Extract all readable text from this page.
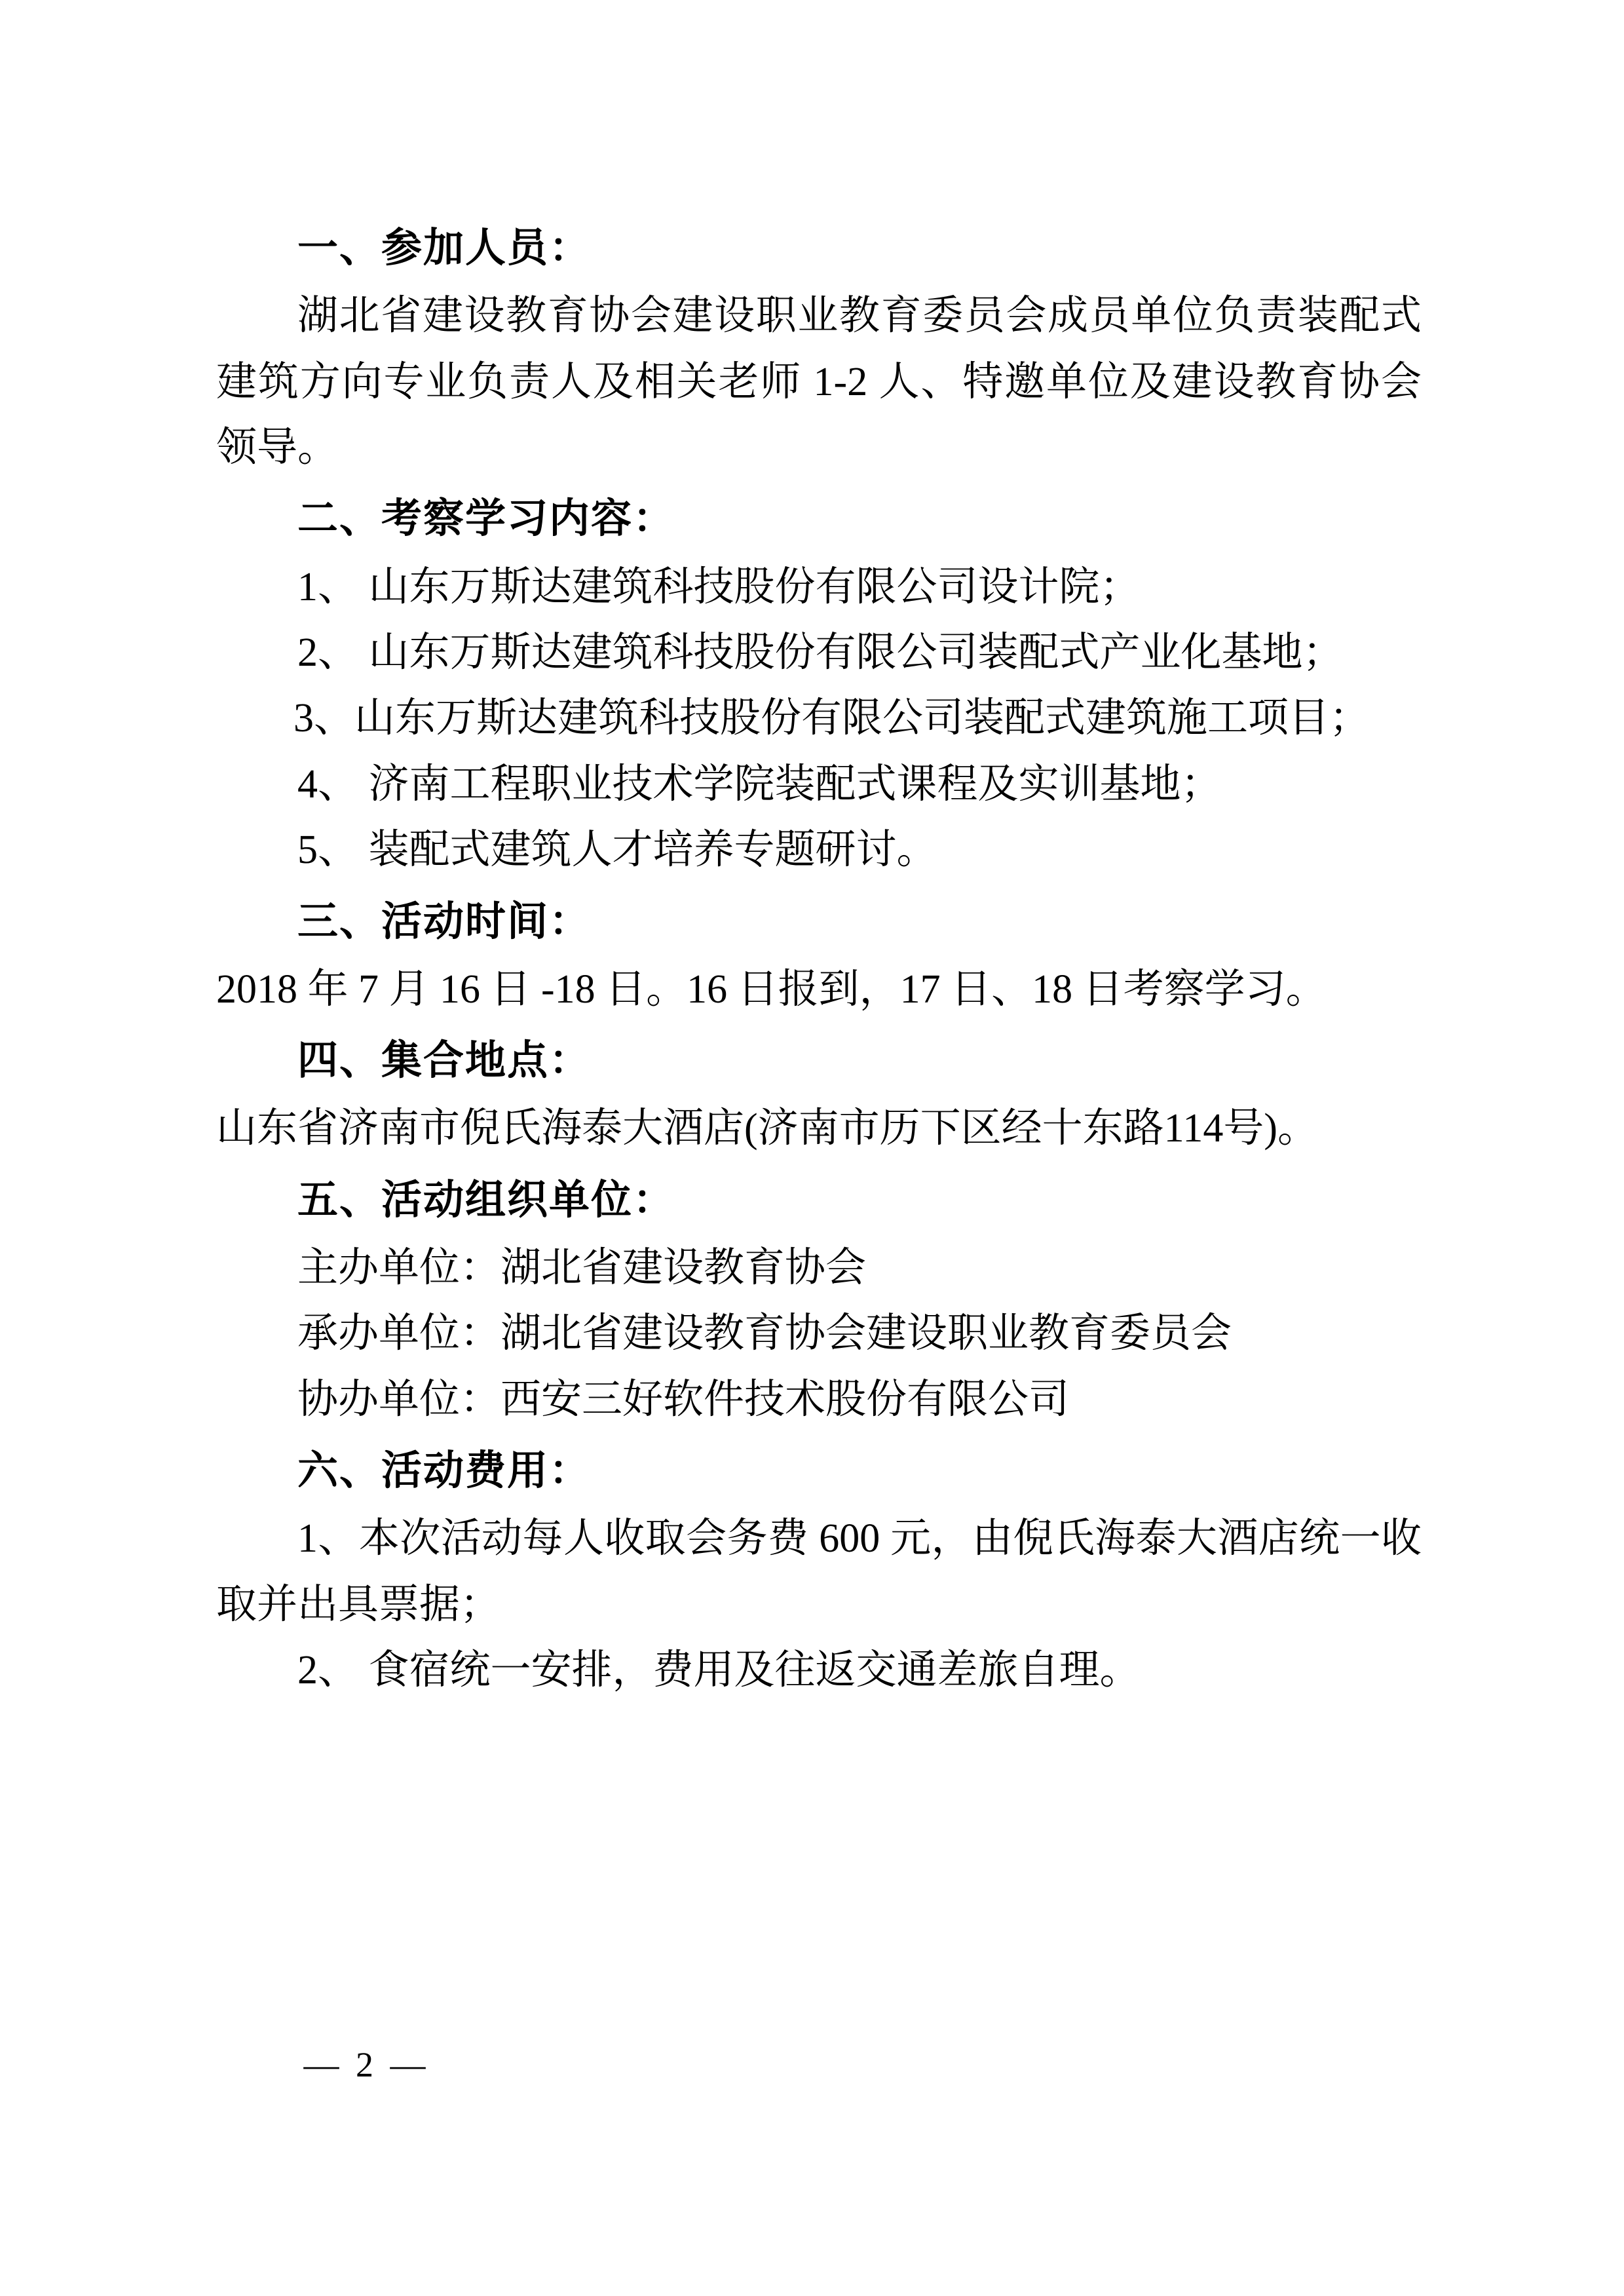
一、参加人员：

湖北省建设教育协会建设职业教育委员会成员单位负责装配式建筑方向专业负责人及相关老师 1-2 人、特邀单位及建设教育协会领导。

二、考察学习内容：

1、 山东万斯达建筑科技股份有限公司设计院；

2、 山东万斯达建筑科技股份有限公司装配式产业化基地；

3、山东万斯达建筑科技股份有限公司装配式建筑施工项目；

4、 济南工程职业技术学院装配式课程及实训基地；

5、 装配式建筑人才培养专题研讨。

三、活动时间：

2018 年 7 月 16 日 -18 日。16 日报到，17 日、18 日考察学习。

四、集合地点：

山东省济南市倪氏海泰大酒店(济南市历下区经十东路114号)。

五、活动组织单位：

主办单位：湖北省建设教育协会

承办单位：湖北省建设教育协会建设职业教育委员会

协办单位：西安三好软件技术股份有限公司

六、活动费用：

1、本次活动每人收取会务费 600 元，由倪氏海泰大酒店统一收取并出具票据；

2、 食宿统一安排，费用及往返交通差旅自理。

— 2 —
